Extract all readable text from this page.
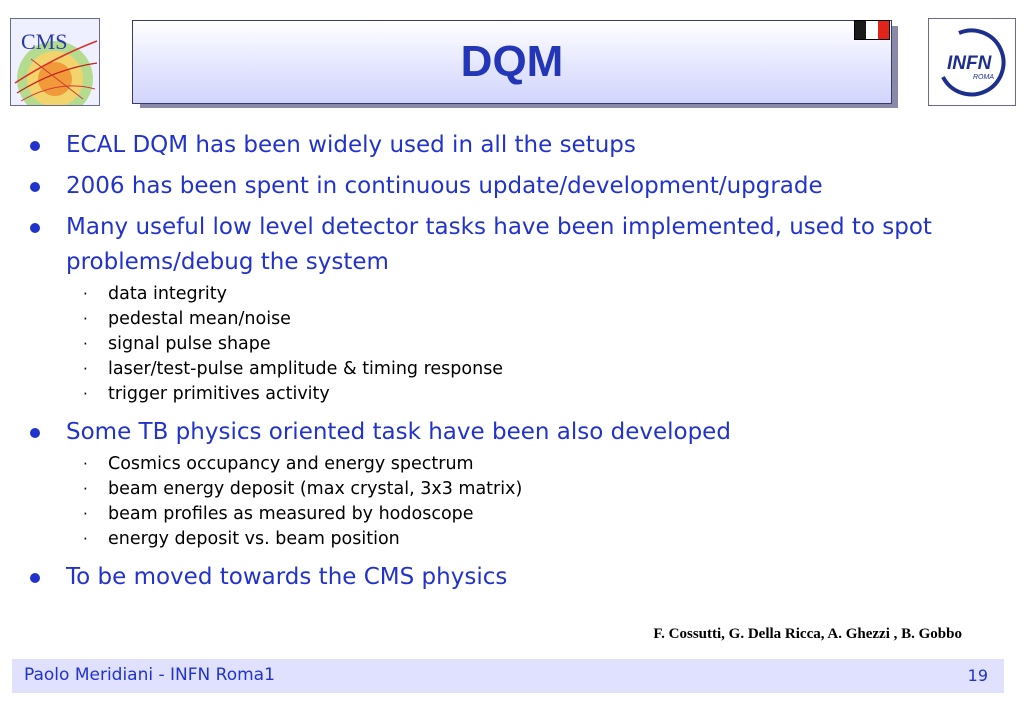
CMS	DQM	INFN
ROMA
ECAL DQM has been widely used in all the setups
2006 has been spent in continuous update/development/upgrade
Many useful low level detector tasks have been implemented, used to spot problems/debug the system
· data integrity
· pedestal mean/noise
· signal pulse shape
· laser/test-pulse amplitude & timing response
· trigger primitives activity
Some TB physics oriented task have been also developed
· Cosmics occupancy and energy spectrum
· beam energy deposit (max crystal, 3x3 matrix)
· beam profiles as measured by hodoscope
· energy deposit vs. beam position
To be moved towards the CMS physics
F. Cossutti, G. Della Ricca, A. Ghezzi , B. Gobbo
Paolo Meridiani - INFN Roma1	19
